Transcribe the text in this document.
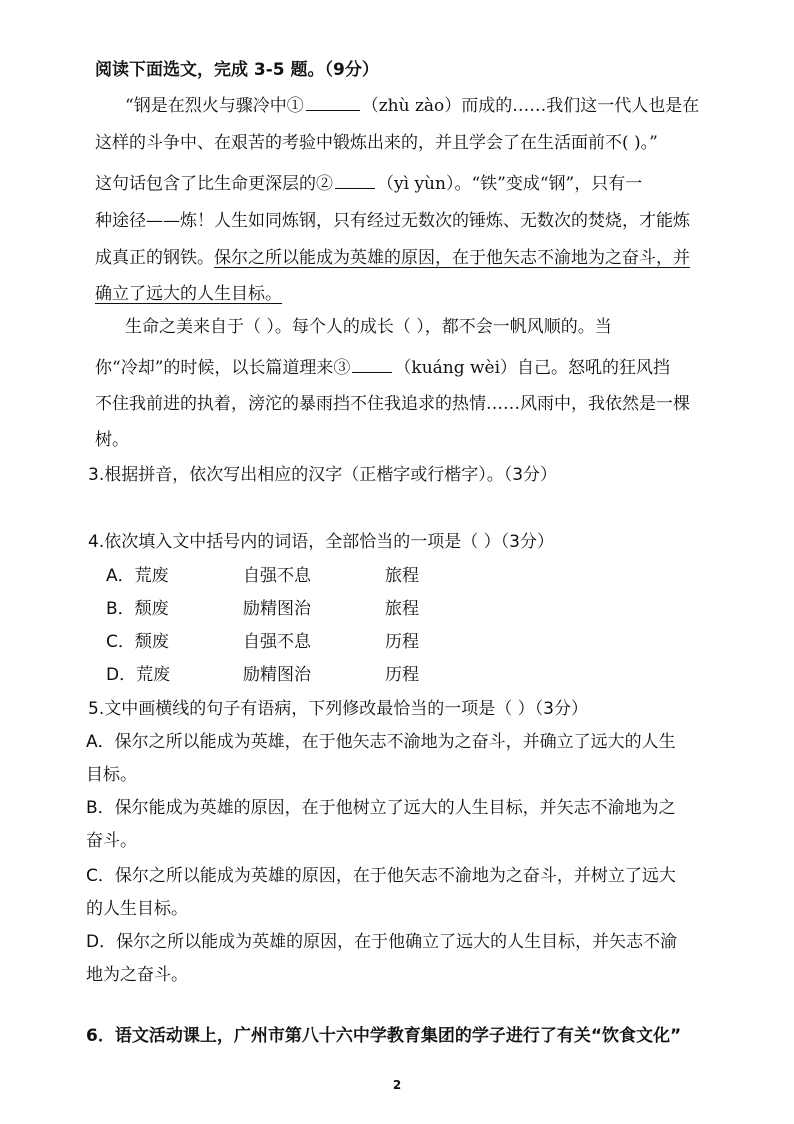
阅读下面选文，完成 3-5 题。（9分）
“钢是在烈火与骤冷中①	（zhù zào）而成的……我们这一代人也是在
这样的斗争中、在艰苦的考验中锻炼出来的，并且学会了在生活面前不( )。”
这句话包含了比生命更深层的②	（yì yùn）。“铁”变成“钢”，只有一
种途径——炼！人生如同炼钢，只有经过无数次的锤炼、无数次的焚烧，才能炼
成真正的钢铁。保尔之所以能成为英雄的原因，在于他矢志不渝地为之奋斗，并
确立了远大的人生目标。
生命之美来自于（ ）。每个人的成长（ ），都不会一帆风顺的。当
你“冷却”的时候，以长篇道理来③	（kuáng wèi）自己。怒吼的狂风挡
不住我前进的执着，滂沱的暴雨挡不住我追求的热情……风雨中，我依然是一棵
树。
3.根据拼音，依次写出相应的汉字（正楷字或行楷字）。（3分）
4.依次填入文中括号内的词语，全部恰当的一项是（ ）（3分）
A．荒废	自强不息	旅程
B．颓废	励精图治	旅程
C．颓废	自强不息	历程
D．荒废	励精图治	历程
5.文中画横线的句子有语病，下列修改最恰当的一项是（ ）（3分）
A．保尔之所以能成为英雄，在于他矢志不渝地为之奋斗，并确立了远大的人生
目标。
B．保尔能成为英雄的原因，在于他树立了远大的人生目标，并矢志不渝地为之
奋斗。
C．保尔之所以能成为英雄的原因，在于他矢志不渝地为之奋斗，并树立了远大
的人生目标。
D．保尔之所以能成为英雄的原因，在于他确立了远大的人生目标，并矢志不渝
地为之奋斗。
6．语文活动课上，广州市第八十六中学教育集团的学子进行了有关“饮食文化”
2
